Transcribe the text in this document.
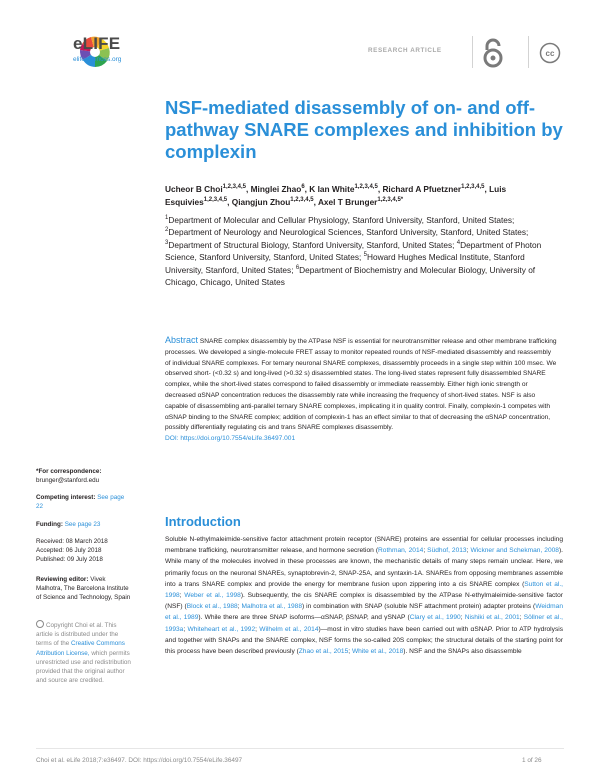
eLIFE
elifesciences.org
RESEARCH ARTICLE	cc
NSF-mediated disassembly of on- and off-pathway SNARE complexes and inhibition by complexin
Ucheor B Choi$^{1,2,3,4,5}$, Minglei Zhao$^6$, K Ian White$^{1,2,3,4,5}$, Richard A Pfuetzner$^{1,2,3,4,5}$, Luis Esquivies$^{1,2,3,4,5}$, Qiangjun Zhou$^{1,2,3,4,5}$, Axel T Brunger$^{1,2,3,4,5*}$
$^1$Department of Molecular and Cellular Physiology, Stanford University, Stanford, United States; $^2$Department of Neurology and Neurological Sciences, Stanford University, Stanford, United States; $^3$Department of Structural Biology, Stanford University, Stanford, United States; $^4$Department of Photon Science, Stanford University, Stanford, United States; $^5$Howard Hughes Medical Institute, Stanford University, Stanford, United States; $^6$Department of Biochemistry and Molecular Biology, University of Chicago, Chicago, United States
Abstract SNARE complex disassembly by the ATPase NSF is essential for neurotransmitter release and other membrane trafficking processes. We developed a single-molecule FRET assay to monitor repeated rounds of NSF-mediated disassembly and reassembly of individual SNARE complexes. For ternary neuronal SNARE complexes, disassembly proceeds in a single step within 100 msec. We observed short- (<0.32 s) and long-lived (>0.32 s) disassembled states. The long-lived states represent fully disassembled SNARE complex, while the short-lived states correspond to failed disassembly or immediate reassembly. Either high ionic strength or decreased αSNAP concentration reduces the disassembly rate while increasing the frequency of short-lived states. NSF is also capable of disassembling anti-parallel ternary SNARE complexes, implicating it in quality control. Finally, complexin-1 competes with αSNAP binding to the SNARE complex; addition of complexin-1 has an effect similar to that of decreasing the αSNAP concentration, possibly differentially regulating cis and trans SNARE complexes disassembly.
DOI: https://doi.org/10.7554/eLife.36497.001
*For correspondence:
brunger@stanford.edu
Competing interest: See page 22
Funding: See page 23
Received: 08 March 2018
Accepted: 06 July 2018
Published: 09 July 2018
Reviewing editor: Vivek Malhotra, The Barcelona Institute of Science and Technology, Spain
Copyright Choi et al. This article is distributed under the terms of the Creative Commons Attribution License, which permits unrestricted use and redistribution provided that the original author and source are credited.
Introduction
Soluble N-ethylmaleimide-sensitive factor attachment protein receptor (SNARE) proteins are essential for cellular processes including membrane trafficking, neurotransmitter release, and hormone secretion (Rothman, 2014; Südhof, 2013; Wickner and Schekman, 2008). While many of the molecules involved in these processes are known, the mechanistic details of many steps remain unclear. Here, we primarily focus on the neuronal SNAREs, synaptobrevin-2, SNAP-25A, and syntaxin-1A. SNAREs from opposing membranes assemble into a trans SNARE complex and provide the energy for membrane fusion upon zippering into a cis SNARE complex (Sutton et al., 1998; Weber et al., 1998). Subsequently, the cis SNARE complex is disassembled by the ATPase N-ethylmaleimide-sensitive factor (NSF) (Block et al., 1988; Malhotra et al., 1988) in combination with SNAP (soluble NSF attachment protein) adapter proteins (Weidman et al., 1989). While there are three SNAP isoforms—αSNAP, βSNAP, and γSNAP (Clary et al., 1990; Nishiki et al., 2001; Söllner et al., 1993a; Whiteheart et al., 1992; Wilhelm et al., 2014)—most in vitro studies have been carried out with αSNAP. Prior to ATP hydrolysis and together with SNAPs and the SNARE complex, NSF forms the so-called 20S complex; the structural details of the starting point for this process have been described previously (Zhao et al., 2015; White et al., 2018). NSF and the SNAPs also disassemble
Choi et al. eLife 2018;7:e36497. DOI: https://doi.org/10.7554/eLife.36497	1 of 26
